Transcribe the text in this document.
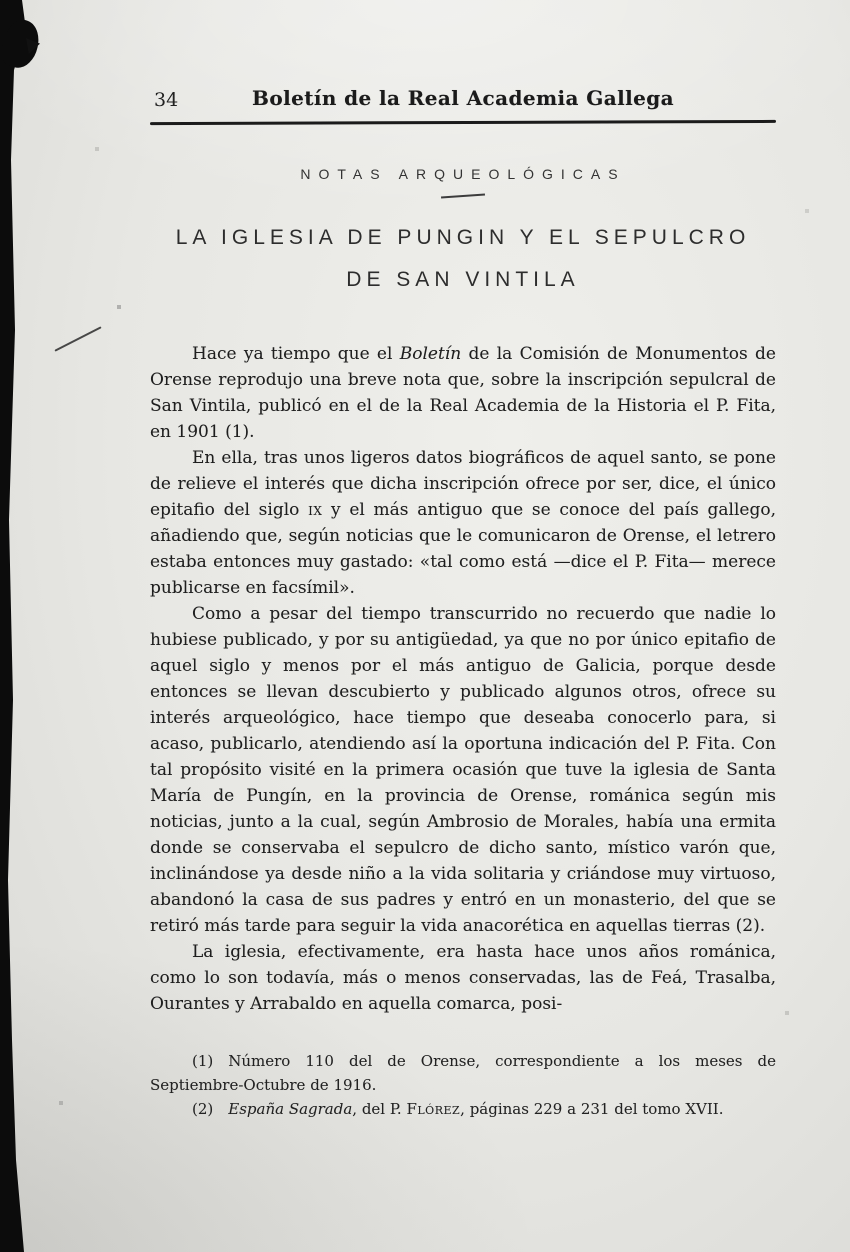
34	Boletín de la Real Academia Gallega
NOTAS ARQUEOLÓGICAS
LA IGLESIA DE PUNGIN Y EL SEPULCRO
DE SAN VINTILA

Hace ya tiempo que el Boletín de la Comisión de Monumentos de Orense reprodujo una breve nota que, sobre la inscripción sepulcral de San Vintila, publicó en el de la Real Academia de la Historia el P. Fita, en 1901 (1).

En ella, tras unos ligeros datos biográficos de aquel santo, se pone de relieve el interés que dicha inscripción ofrece por ser, dice, el único epitafio del siglo ix y el más antiguo que se conoce del país gallego, añadiendo que, según noticias que le comunicaron de Orense, el letrero estaba entonces muy gastado: «tal como está —dice el P. Fita— merece publicarse en facsímil».

Como a pesar del tiempo transcurrido no recuerdo que nadie lo hubiese publicado, y por su antigüedad, ya que no por único epitafio de aquel siglo y menos por el más antiguo de Galicia, porque desde entonces se llevan descubierto y publicado algunos otros, ofrece su interés arqueológico, hace tiempo que deseaba conocerlo para, si acaso, publicarlo, atendiendo así la oportuna indicación del P. Fita. Con tal propósito visité en la primera ocasión que tuve la iglesia de Santa María de Pungín, en la provincia de Orense, románica según mis noticias, junto a la cual, según Ambrosio de Morales, había una ermita donde se conservaba el sepulcro de dicho santo, místico varón que, inclinándose ya desde niño a la vida solitaria y criándose muy virtuoso, abandonó la casa de sus padres y entró en un monasterio, del que se retiró más tarde para seguir la vida anacorética en aquellas tierras (2).

La iglesia, efectivamente, era hasta hace unos años románica, como lo son todavía, más o menos conservadas, las de Feá, Trasalba, Ourantes y Arrabaldo en aquella comarca, posi-

(1)  Número 110 del de Orense, correspondiente a los meses de Septiembre-Octubre de 1916.

(2)  España Sagrada, del P. Flórez, páginas 229 a 231 del tomo XVII.
